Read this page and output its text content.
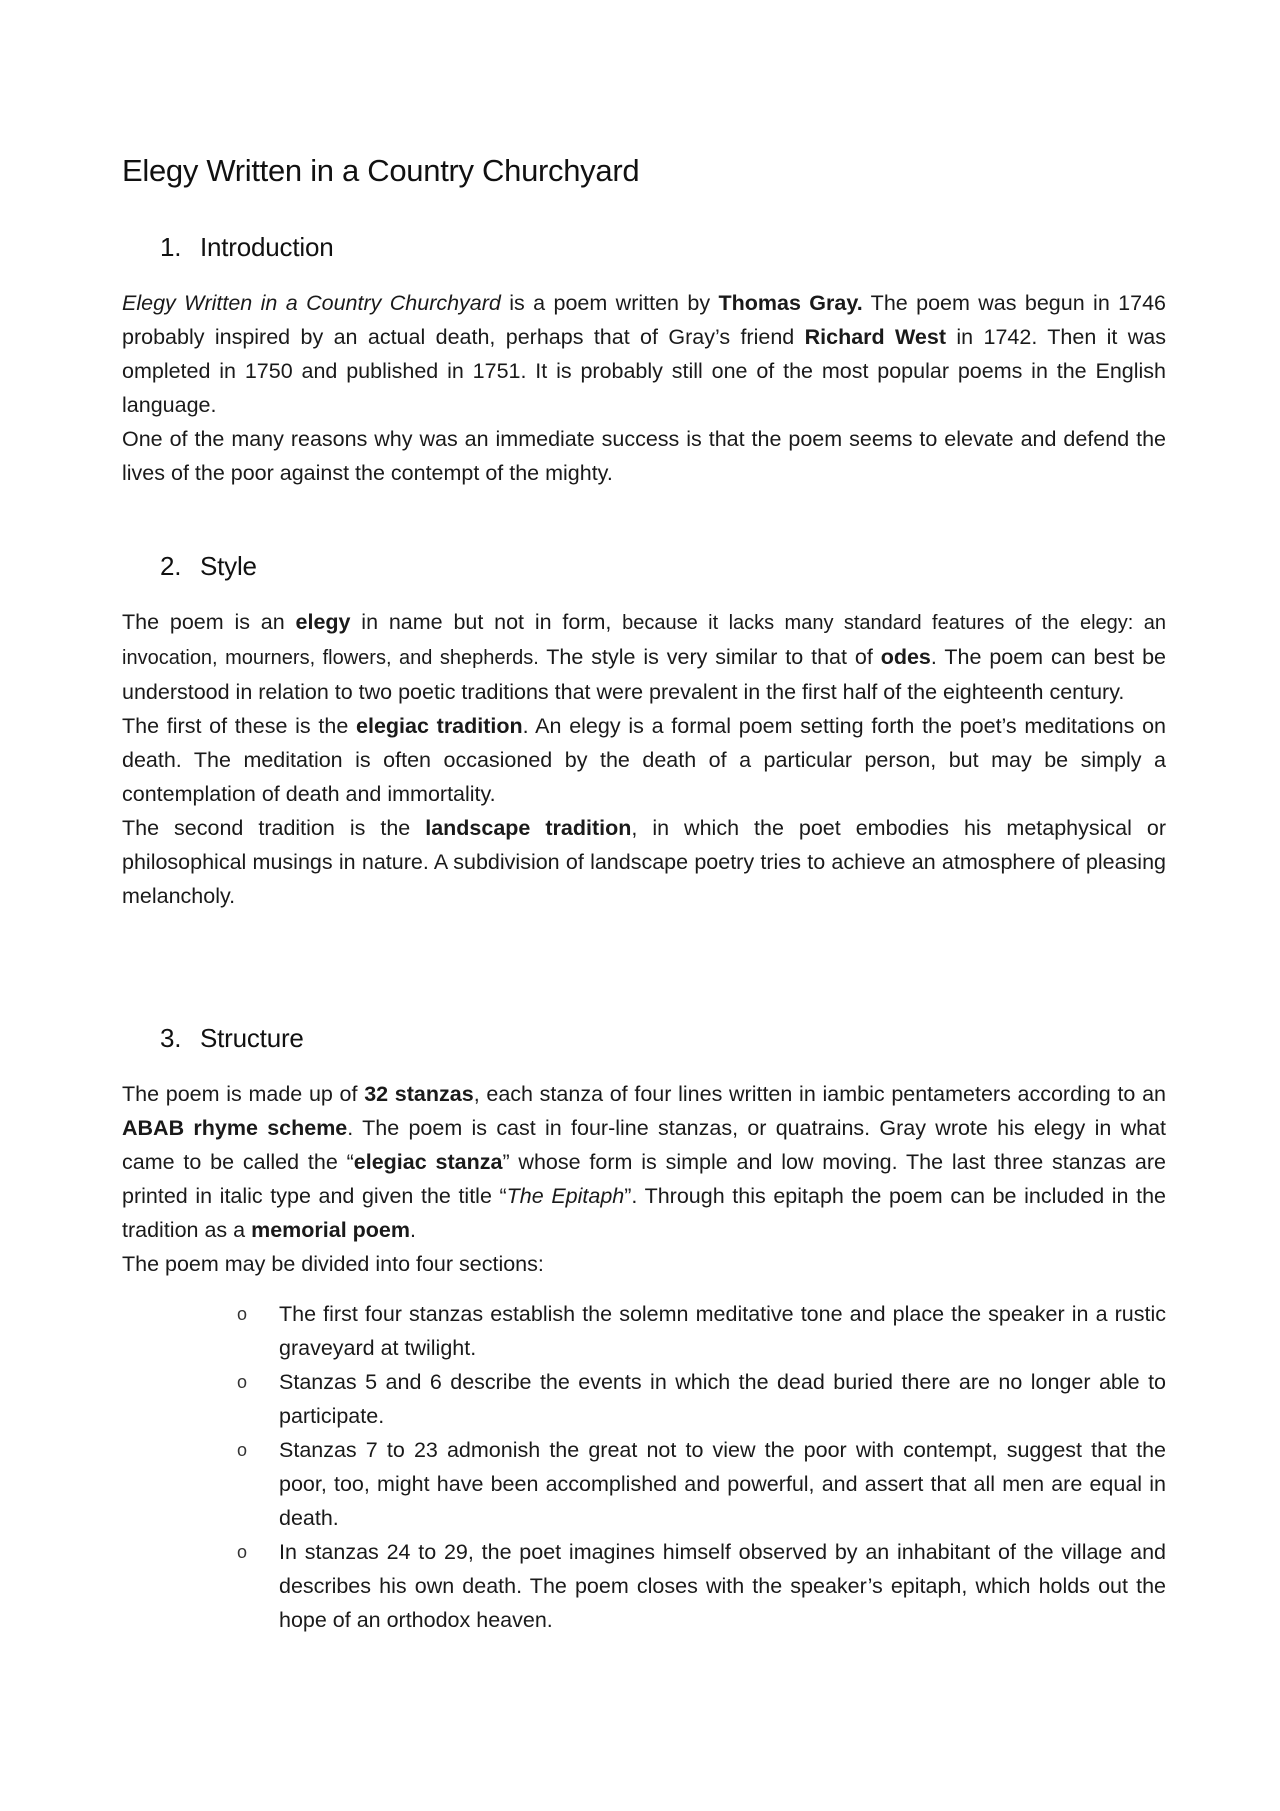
Elegy Written in a Country Churchyard
1. Introduction

Elegy Written in a Country Churchyard is a poem written by Thomas Gray. The poem was begun in 1746 probably inspired by an actual death, perhaps that of Gray’s friend Richard West in 1742. Then it was ompleted in 1750 and published in 1751. It is probably still one of the most popular poems in the English language.

One of the many reasons why was an immediate success is that the poem seems to elevate and defend the lives of the poor against the contempt of the mighty.

2. Style

The poem is an elegy in name but not in form, because it lacks many standard features of the elegy: an invocation, mourners, flowers, and shepherds. The style is very similar to that of odes. The poem can best be understood in relation to two poetic traditions that were prevalent in the first half of the eighteenth century.

The first of these is the elegiac tradition. An elegy is a formal poem setting forth the poet’s meditations on death. The meditation is often occasioned by the death of a particular person, but may be simply a contemplation of death and immortality.

The second tradition is the landscape tradition, in which the poet embodies his metaphysical or philosophical musings in nature. A subdivision of landscape poetry tries to achieve an atmosphere of pleasing melancholy.

3. Structure

The poem is made up of 32 stanzas, each stanza of four lines written in iambic pentameters according to an ABAB rhyme scheme. The poem is cast in four-line stanzas, or quatrains. Gray wrote his elegy in what came to be called the “elegiac stanza” whose form is simple and low moving. The last three stanzas are printed in italic type and given the title “The Epitaph”. Through this epitaph the poem can be included in the tradition as a memorial poem.

The poem may be divided into four sections:

o The first four stanzas establish the solemn meditative tone and place the speaker in a rustic graveyard at twilight.
o Stanzas 5 and 6 describe the events in which the dead buried there are no longer able to participate.
o Stanzas 7 to 23 admonish the great not to view the poor with contempt, suggest that the poor, too, might have been accomplished and powerful, and assert that all men are equal in death.
o In stanzas 24 to 29, the poet imagines himself observed by an inhabitant of the village and describes his own death. The poem closes with the speaker’s epitaph, which holds out the hope of an orthodox heaven.
